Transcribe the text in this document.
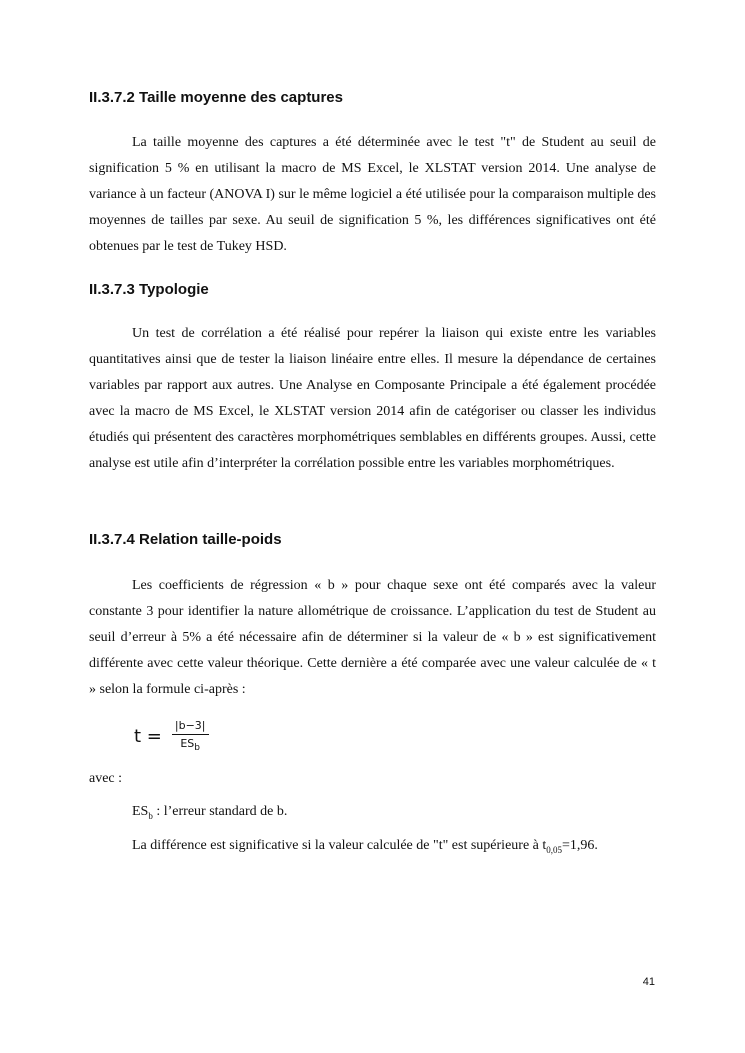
II.3.7.2 Taille moyenne des captures

La taille moyenne des captures a été déterminée avec le test "t" de Student au seuil de signification 5 % en utilisant la macro de MS Excel, le XLSTAT version 2014. Une analyse de variance à un facteur (ANOVA I) sur le même logiciel a été utilisée pour la comparaison multiple des moyennes de tailles par sexe. Au seuil de signification 5 %, les différences significatives ont été obtenues par le test de Tukey HSD.

II.3.7.3 Typologie

Un test de corrélation a été réalisé pour repérer la liaison qui existe entre les variables quantitatives ainsi que de tester la liaison linéaire entre elles. Il mesure la dépendance de certaines variables par rapport aux autres. Une Analyse en Composante Principale a été également procédée avec la macro de MS Excel, le XLSTAT version 2014 afin de catégoriser ou classer les individus étudiés qui présentent des caractères morphométriques semblables en différents groupes. Aussi, cette analyse est utile afin d’interpréter la corrélation possible entre les variables morphométriques.

II.3.7.4 Relation taille-poids

Les coefficients de régression « b » pour chaque sexe ont été comparés avec la valeur constante 3 pour identifier la nature allométrique de croissance. L’application du test de Student au seuil d’erreur à 5% a été nécessaire afin de déterminer si la valeur de « b » est significativement différente avec cette valeur théorique. Cette dernière a été comparée avec une valeur calculée de « t » selon la formule ci-après :

$t = \frac{|b-3|}{ES_b}$

avec :

$ES_b$ : l’erreur standard de b.

La différence est significative si la valeur calculée de "t" est supérieure à $t_{0,05}=1,96$.

41
